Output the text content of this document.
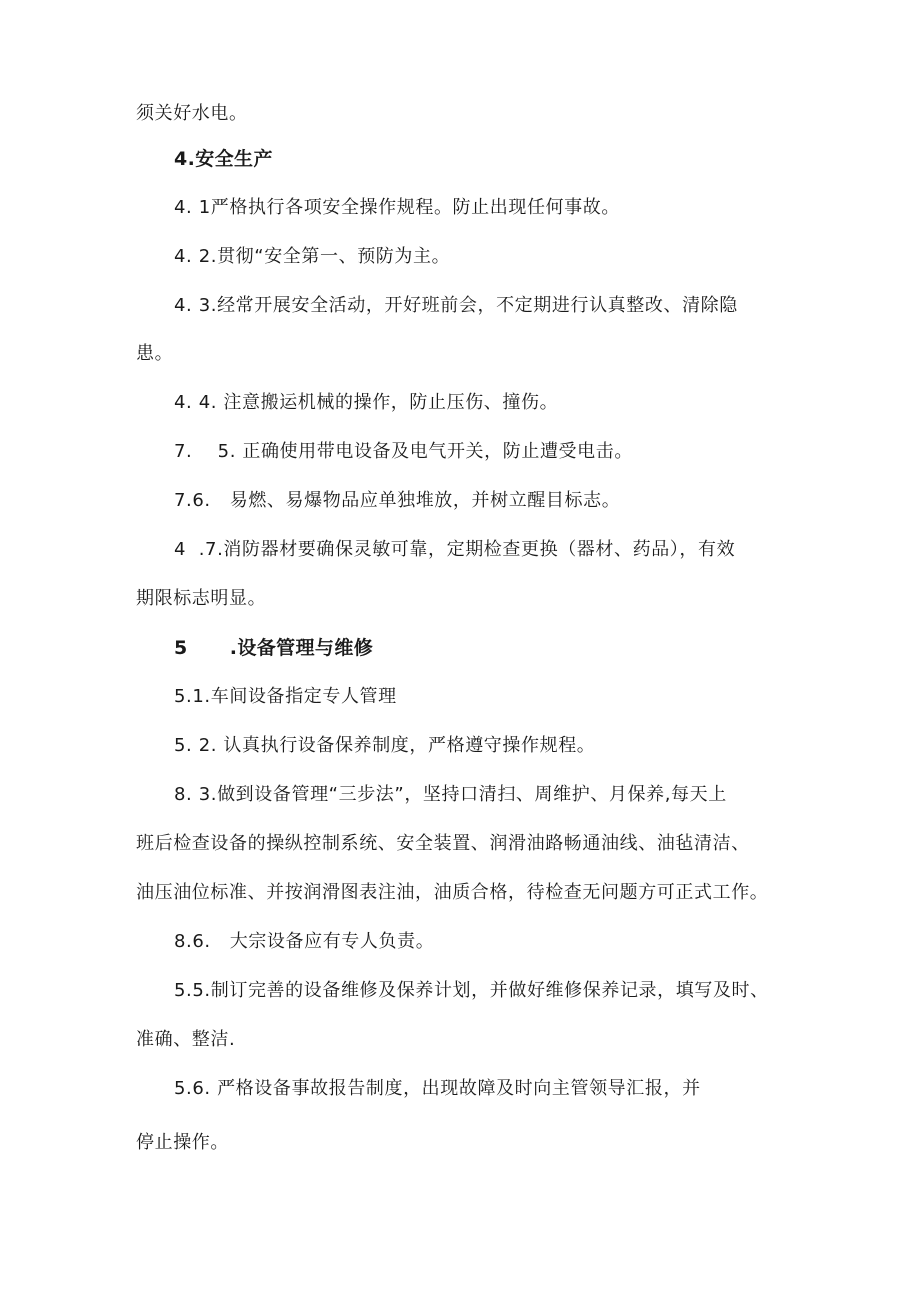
须关好水电。
4.安全生产
4. 1严格执行各项安全操作规程。防止出现任何事故。
4. 2.贯彻“安全第一、预防为主。
4. 3.经常开展安全活动，开好班前会，不定期进行认真整改、清除隐
患。
4. 4. 注意搬运机械的操作，防止压伤、撞伤。
7.    5. 正确使用带电设备及电气开关，防止遭受电击。
7.6.   易燃、易爆物品应单独堆放，并树立醒目标志。
4  .7.消防器材要确保灵敏可靠，定期检查更换（器材、药品），有效
期限标志明显。
5      .设备管理与维修
5.1.车间设备指定专人管理
5. 2. 认真执行设备保养制度，严格遵守操作规程。
8. 3.做到设备管理“三步法”，坚持口清扫、周维护、月保养,每天上
班后检查设备的操纵控制系统、安全装置、润滑油路畅通油线、油毡清洁、
油压油位标准、并按润滑图表注油，油质合格，待检查无问题方可正式工作。
8.6.   大宗设备应有专人负责。
5.5.制订完善的设备维修及保养计划，并做好维修保养记录，填写及时、
准确、整洁.
5.6. 严格设备事故报告制度，出现故障及时向主管领导汇报，并
停止操作。
